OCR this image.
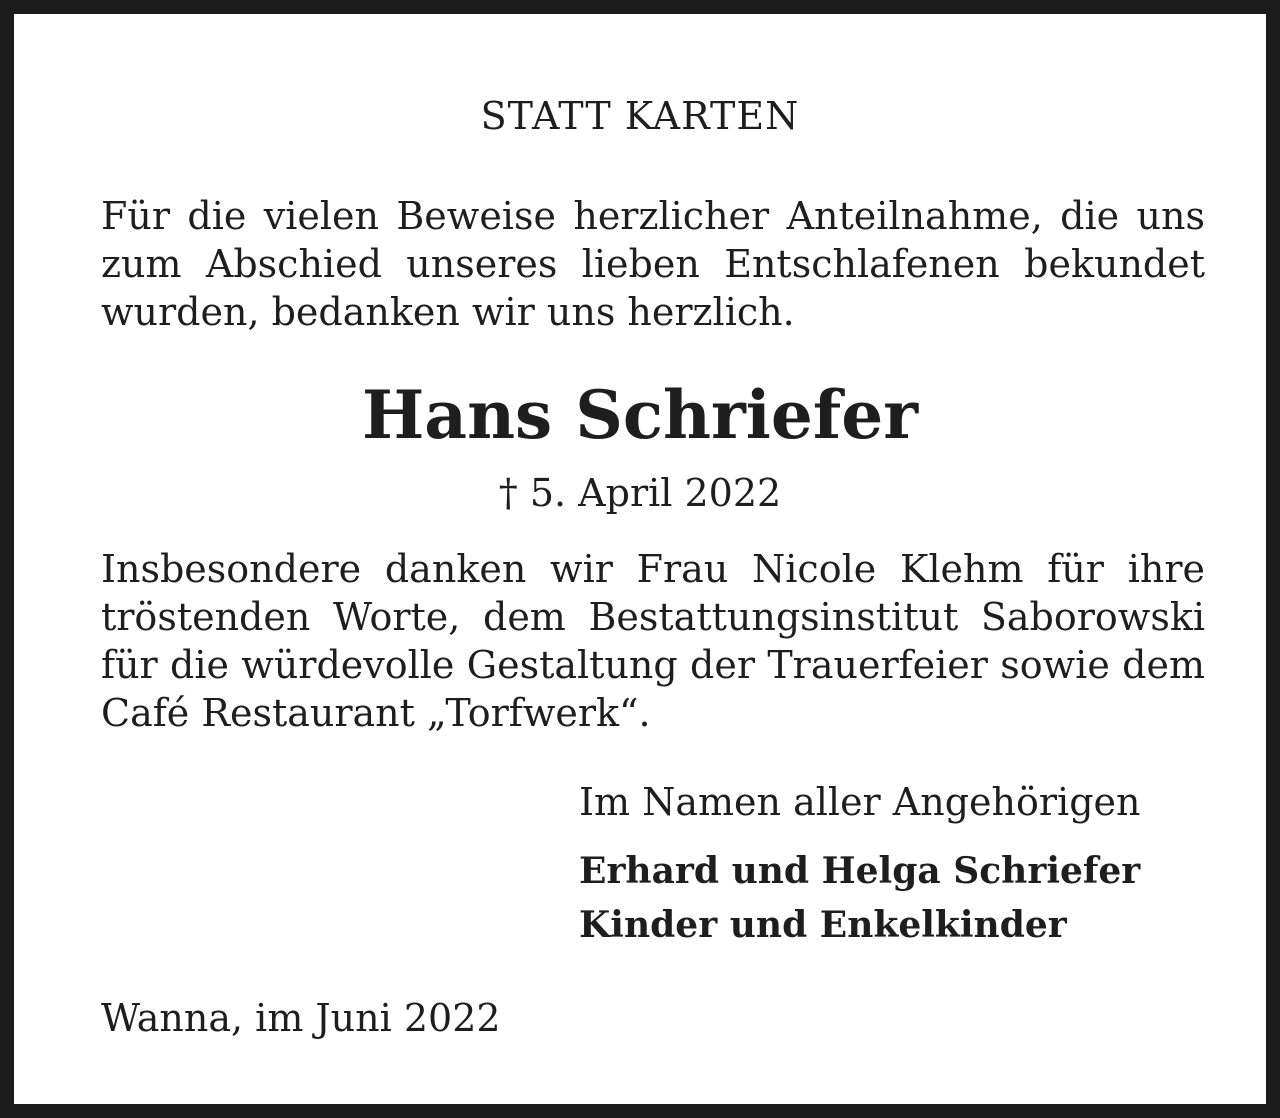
STATT KARTEN

Für die vielen Beweise herzlicher Anteilnahme, die uns zum Abschied unseres lieben Entschlafenen bekundet wurden, bedanken wir uns herzlich.

Hans Schriefer

† 5. April 2022

Insbesondere danken wir Frau Nicole Klehm für ihre tröstenden Worte, dem Bestattungsinstitut Saborowski für die würdevolle Gestaltung der Trauerfeier sowie dem Café Restaurant „Torfwerk“.

Im Namen aller Angehörigen

Erhard und Helga Schriefer

Kinder und Enkelkinder

Wanna, im Juni 2022
